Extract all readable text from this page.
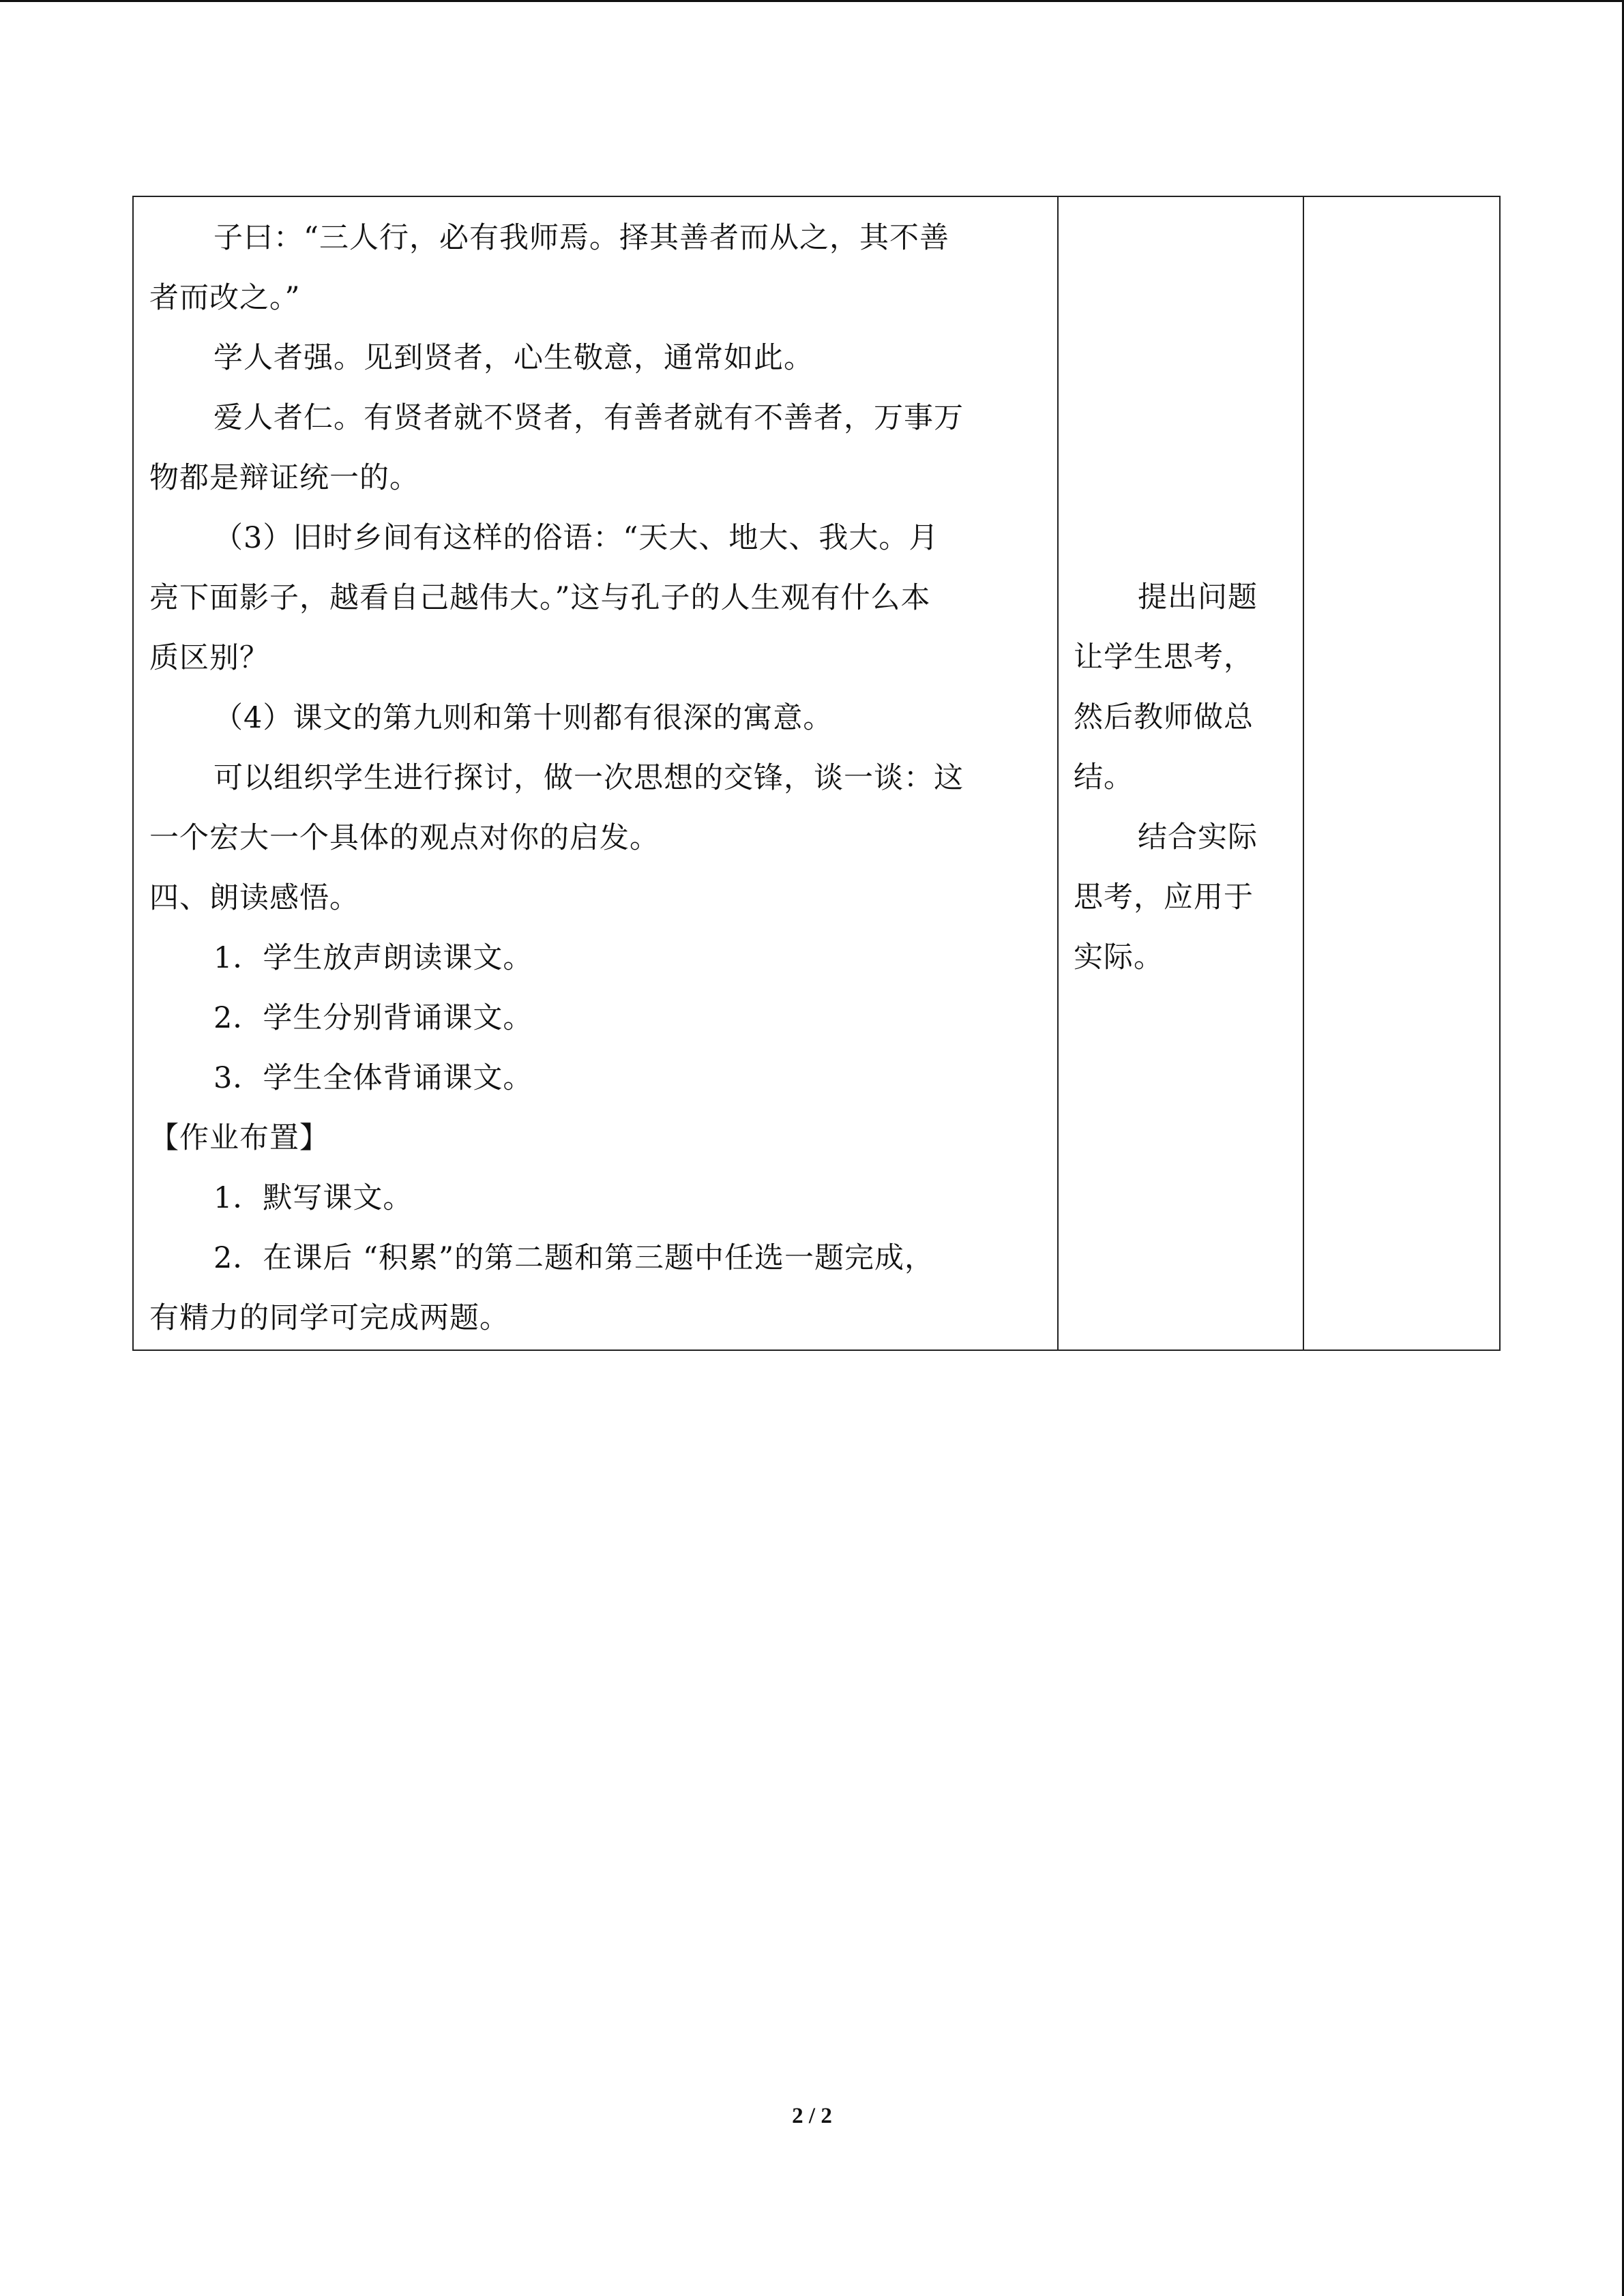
子曰：“三人行，必有我师焉。择其善者而从之，其不善
者而改之。”
学人者强。见到贤者，心生敬意，通常如此。
爱人者仁。有贤者就不贤者，有善者就有不善者，万事万
物都是辩证统一的。
（3）旧时乡间有这样的俗语：“天大、地大、我大。月
亮下面影子，越看自己越伟大。”这与孔子的人生观有什么本
质区别？
（4）课文的第九则和第十则都有很深的寓意。
可以组织学生进行探讨，做一次思想的交锋，谈一谈：这
一个宏大一个具体的观点对你的启发。
四、朗读感悟。
1．学生放声朗读课文。
2．学生分别背诵课文。
3．学生全体背诵课文。
【作业布置】
1．默写课文。
2．在课后 “积累”的第二题和第三题中任选一题完成，
有精力的同学可完成两题。

提出问题
让学生思考，
然后教师做总
结。
结合实际
思考，应用于
实际。

2 / 2
